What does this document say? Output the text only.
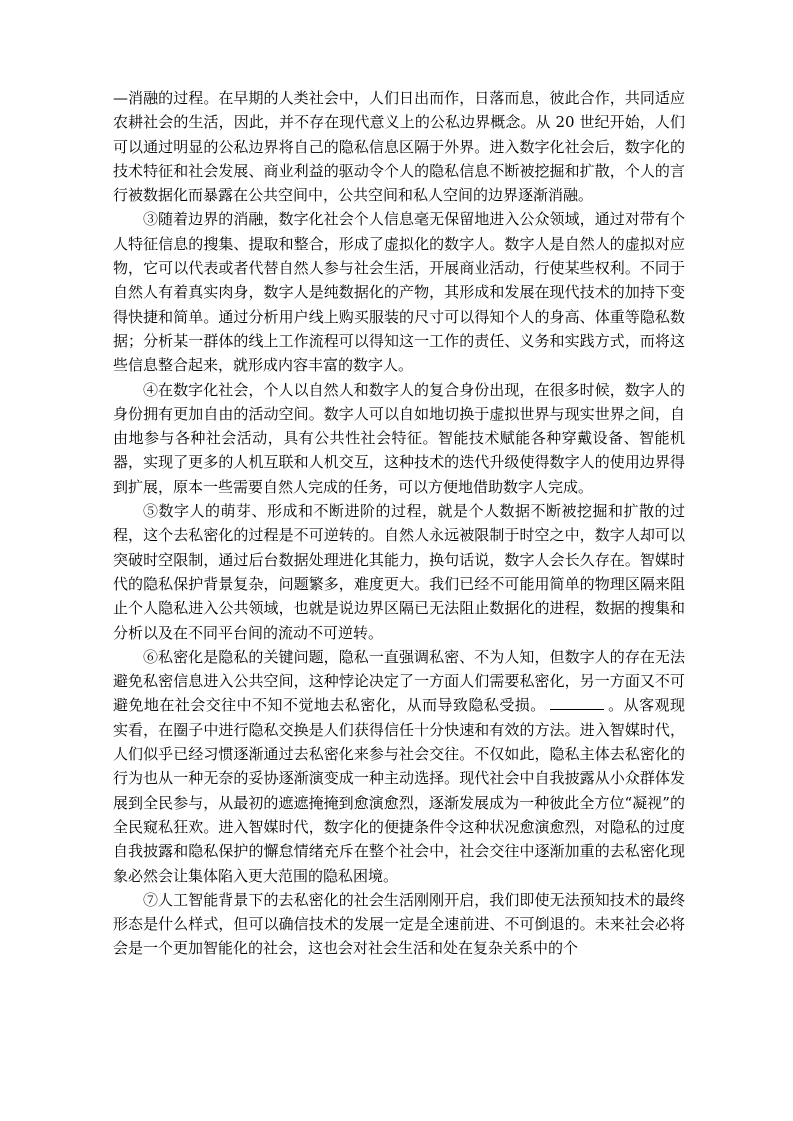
—消融的过程。在早期的人类社会中，人们日出而作，日落而息，彼此合作，共同适应农耕社会的生活，因此，并不存在现代意义上的公私边界概念。从 20 世纪开始，人们可以通过明显的公私边界将自己的隐私信息区隔于外界。进入数字化社会后，数字化的技术特征和社会发展、商业利益的驱动令个人的隐私信息不断被挖掘和扩散，个人的言行被数据化而暴露在公共空间中，公共空间和私人空间的边界逐渐消融。

③随着边界的消融，数字化社会个人信息毫无保留地进入公众领域，通过对带有个人特征信息的搜集、提取和整合，形成了虚拟化的数字人。数字人是自然人的虚拟对应物，它可以代表或者代替自然人参与社会生活，开展商业活动，行使某些权利。不同于自然人有着真实肉身，数字人是纯数据化的产物，其形成和发展在现代技术的加持下变得快捷和简单。通过分析用户线上购买服装的尺寸可以得知个人的身高、体重等隐私数据；分析某一群体的线上工作流程可以得知这一工作的责任、义务和实践方式，而将这些信息整合起来，就形成内容丰富的数字人。

④在数字化社会，个人以自然人和数字人的复合身份出现，在很多时候，数字人的身份拥有更加自由的活动空间。数字人可以自如地切换于虚拟世界与现实世界之间，自由地参与各种社会活动，具有公共性社会特征。智能技术赋能各种穿戴设备、智能机器，实现了更多的人机互联和人机交互，这种技术的迭代升级使得数字人的使用边界得到扩展，原本一些需要自然人完成的任务，可以方便地借助数字人完成。

⑤数字人的萌芽、形成和不断进阶的过程，就是个人数据不断被挖掘和扩散的过程，这个去私密化的过程是不可逆转的。自然人永远被限制于时空之中，数字人却可以突破时空限制，通过后台数据处理进化其能力，换句话说，数字人会长久存在。智媒时代的隐私保护背景复杂，问题繁多，难度更大。我们已经不可能用简单的物理区隔来阻止个人隐私进入公共领域，也就是说边界区隔已无法阻止数据化的进程，数据的搜集和分析以及在不同平台间的流动不可逆转。

⑥私密化是隐私的关键问题，隐私一直强调私密、不为人知，但数字人的存在无法避免私密信息进入公共空间，这种悖论决定了一方面人们需要私密化，另一方面又不可避免地在社会交往中不知不觉地去私密化，从而导致隐私受损。	。从客观现实看，在圈子中进行隐私交换是人们获得信任十分快速和有效的方法。进入智媒时代，人们似乎已经习惯逐渐通过去私密化来参与社会交往。不仅如此，隐私主体去私密化的行为也从一种无奈的妥协逐渐演变成一种主动选择。现代社会中自我披露从小众群体发展到全民参与，从最初的遮遮掩掩到愈演愈烈，逐渐发展成为一种彼此全方位“凝视”的全民窥私狂欢。进入智媒时代，数字化的便捷条件令这种状况愈演愈烈，对隐私的过度自我披露和隐私保护的懈怠情绪充斥在整个社会中，社会交往中逐渐加重的去私密化现象必然会让集体陷入更大范围的隐私困境。

⑦人工智能背景下的去私密化的社会生活刚刚开启，我们即使无法预知技术的最终形态是什么样式，但可以确信技术的发展一定是全速前进、不可倒退的。未来社会必将会是一个更加智能化的社会，这也会对社会生活和处在复杂关系中的个
